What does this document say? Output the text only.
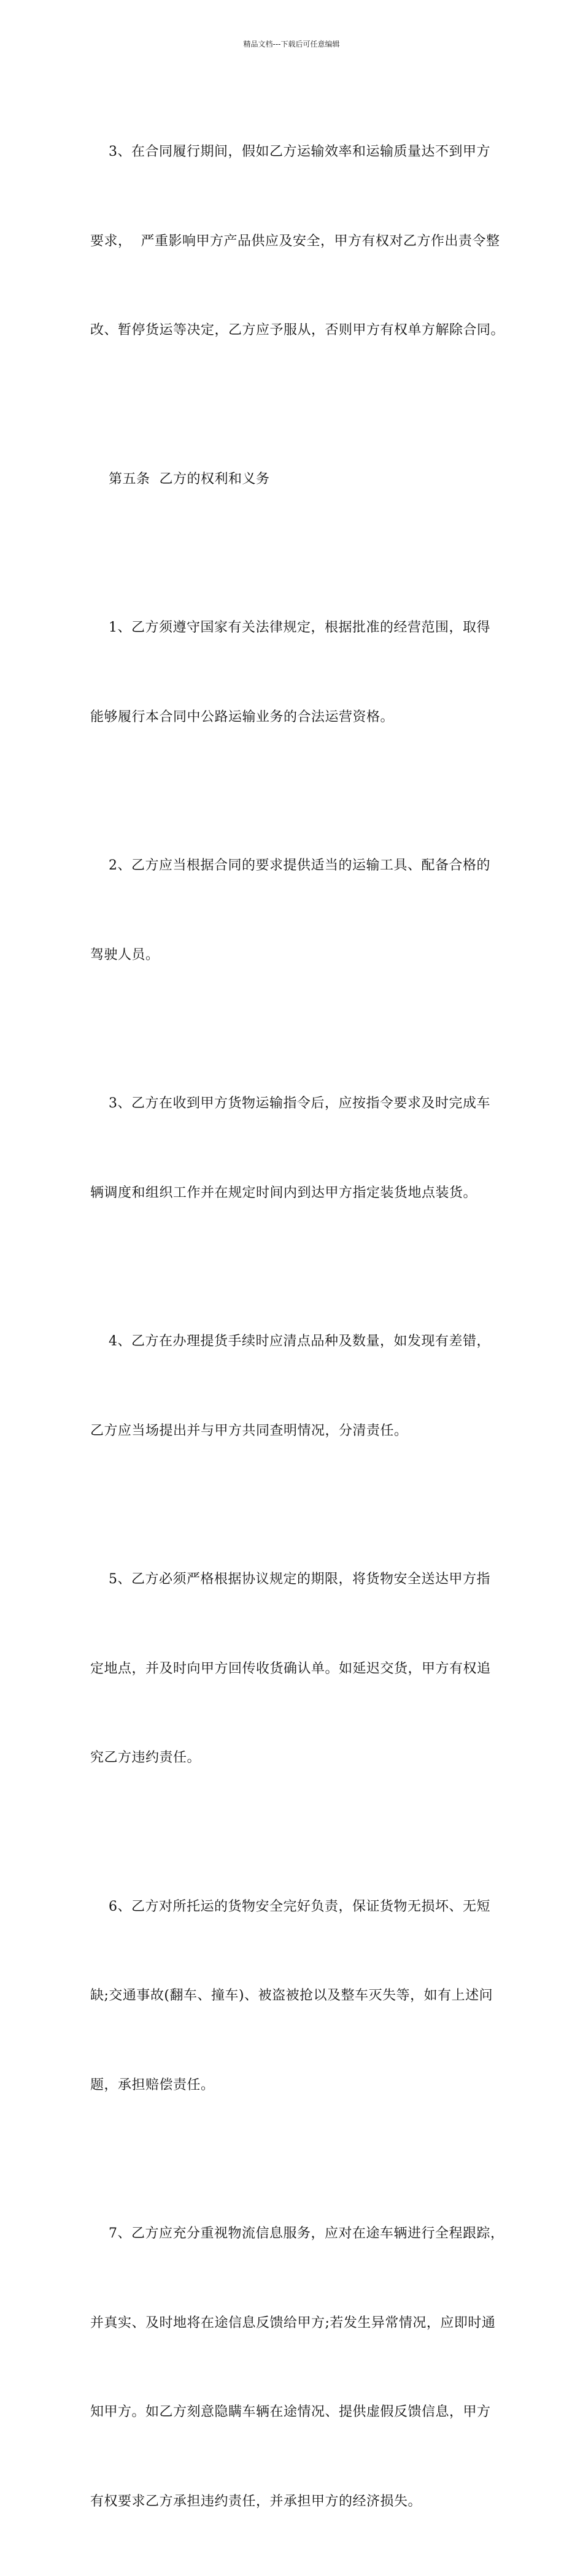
精品文档---下载后可任意编辑

3、在合同履行期间，假如乙方运输效率和运输质量达不到甲方

要求，  严重影响甲方产品供应及安全，甲方有权对乙方作出责令整

改、暂停货运等决定，乙方应予服从，否则甲方有权单方解除合同。

第五条  乙方的权利和义务

1、乙方须遵守国家有关法律规定，根据批准的经营范围，取得

能够履行本合同中公路运输业务的合法运营资格。

2、乙方应当根据合同的要求提供适当的运输工具、配备合格的

驾驶人员。

3、乙方在收到甲方货物运输指令后，应按指令要求及时完成车

辆调度和组织工作并在规定时间内到达甲方指定装货地点装货。

4、乙方在办理提货手续时应清点品种及数量，如发现有差错，

乙方应当场提出并与甲方共同查明情况，分清责任。

5、乙方必须严格根据协议规定的期限，将货物安全送达甲方指

定地点，并及时向甲方回传收货确认单。如延迟交货，甲方有权追

究乙方违约责任。

6、乙方对所托运的货物安全完好负责，保证货物无损坏、无短

缺;交通事故(翻车、撞车)、被盗被抢以及整车灭失等，如有上述问

题，承担赔偿责任。

7、乙方应充分重视物流信息服务，应对在途车辆进行全程跟踪，

并真实、及时地将在途信息反馈给甲方;若发生异常情况，应即时通

知甲方。如乙方刻意隐瞒车辆在途情况、提供虚假反馈信息，甲方

有权要求乙方承担违约责任，并承担甲方的经济损失。
